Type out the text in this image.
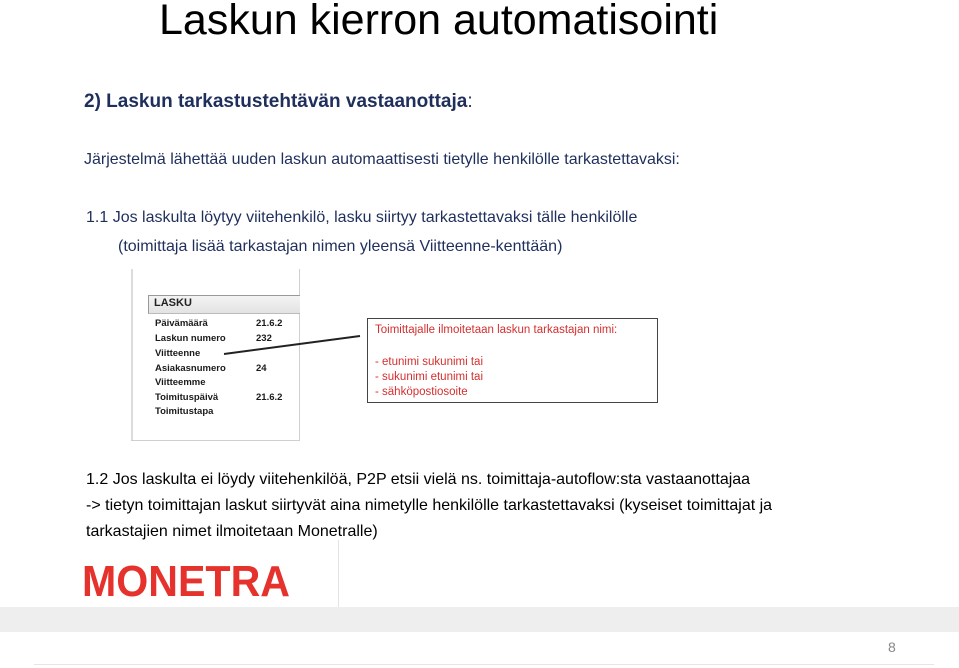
Laskun kierron automatisointi
2) Laskun tarkastustehtävän vastaanottaja:
Järjestelmä lähettää uuden laskun automaattisesti tietylle henkilölle tarkastettavaksi:
1.1 Jos laskulta löytyy viitehenkilö, lasku siirtyy tarkastettavaksi tälle henkilölle
(toimittaja lisää tarkastajan nimen yleensä Viitteenne-kenttään)
LASKU
Päivämäärä
Laskun numero
Viitteenne
Asiakasnumero
Viitteemme
Toimituspäivä
Toimitustapa
21.6.2
232
24
21.6.2
Toimittajalle ilmoitetaan laskun tarkastajan nimi:
- etunimi sukunimi tai
- sukunimi etunimi tai
- sähköpostiosoite
1.2 Jos laskulta ei löydy viitehenkilöä, P2P etsii vielä ns. toimittaja-autoflow:sta vastaanottajaa
-> tietyn toimittajan laskut siirtyvät aina nimetylle henkilölle tarkastettavaksi (kyseiset toimittajat ja
tarkastajien nimet ilmoitetaan Monetralle)
8
MONETRA
